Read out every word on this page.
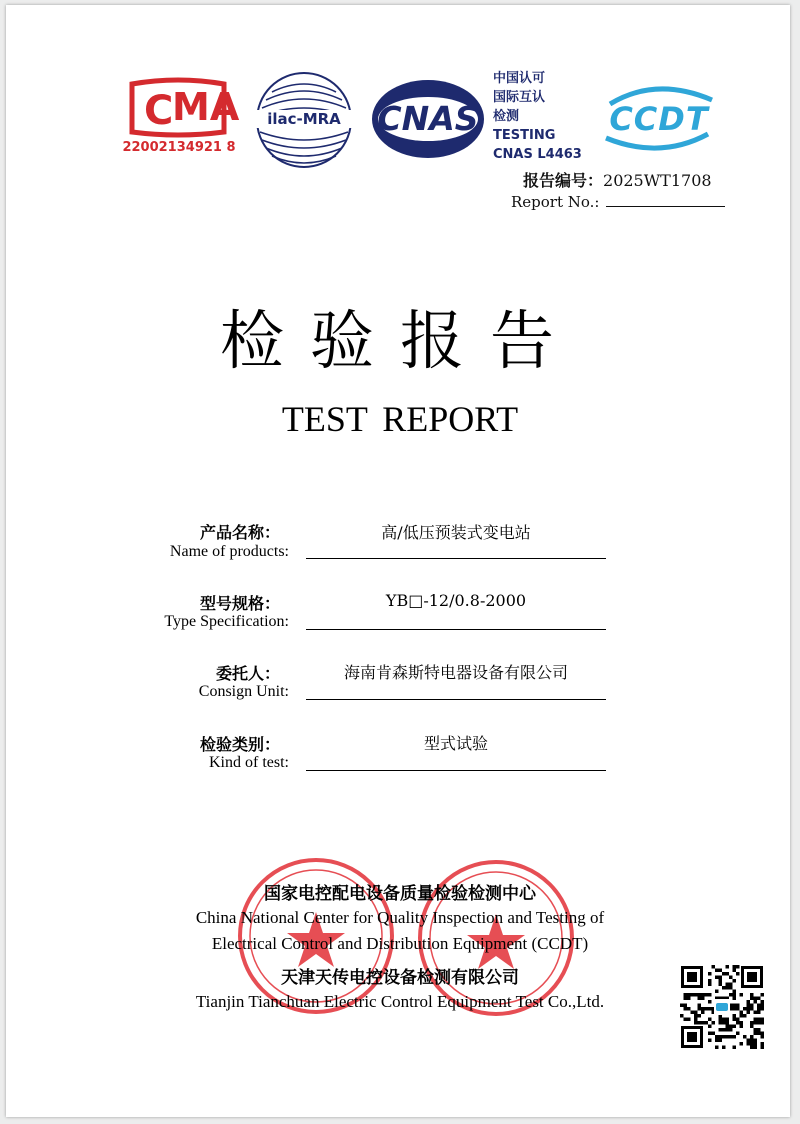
C
MA
22002134921 8
ilac-MRA	CNAS
中国认可
国际互认
检测
TESTING
CNAS L4463
CCDT
报告编号：2025WT1708
Report No.:
检验报告
TEST REPORT
产品名称：
Name of products:
高/低压预装式变电站
型号规格：
Type Specification:
YB□-12/0.8-2000
委托人：
Consign Unit:
海南肯森斯特电器设备有限公司
检验类别：
Kind of test:
型式试验
国家电控配电设备质量检验检测中心
China National Center for Quality Inspection and Testing of
Electrical Control and Distribution Equipment (CCDT)
天津天传电控设备检测有限公司
Tianjin Tianchuan Electric Control Equipment Test Co.,Ltd.
